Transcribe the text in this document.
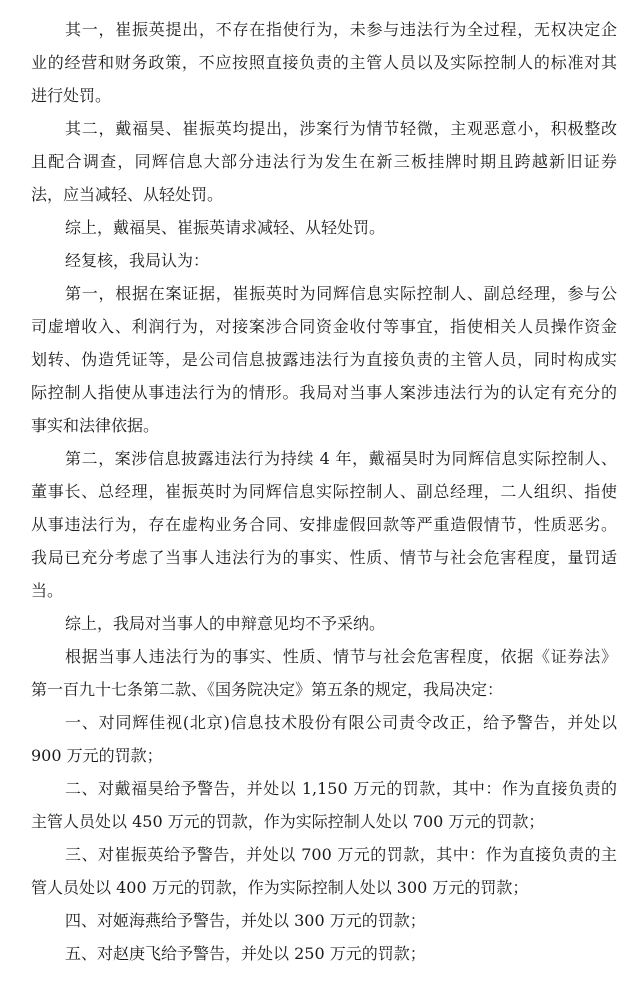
其一，崔振英提出，不存在指使行为，未参与违法行为全过程，无权决定企
业的经营和财务政策，不应按照直接负责的主管人员以及实际控制人的标准对其
进行处罚。
其二，戴福昊、崔振英均提出，涉案行为情节轻微，主观恶意小，积极整改
且配合调查，同辉信息大部分违法行为发生在新三板挂牌时期且跨越新旧证券
法，应当减轻、从轻处罚。
综上，戴福昊、崔振英请求减轻、从轻处罚。
经复核，我局认为：
第一，根据在案证据，崔振英时为同辉信息实际控制人、副总经理，参与公
司虚增收入、利润行为，对接案涉合同资金收付等事宜，指使相关人员操作资金
划转、伪造凭证等，是公司信息披露违法行为直接负责的主管人员，同时构成实
际控制人指使从事违法行为的情形。我局对当事人案涉违法行为的认定有充分的
事实和法律依据。
第二，案涉信息披露违法行为持续 4 年，戴福昊时为同辉信息实际控制人、
董事长、总经理，崔振英时为同辉信息实际控制人、副总经理，二人组织、指使
从事违法行为，存在虚构业务合同、安排虚假回款等严重造假情节，性质恶劣。
我局已充分考虑了当事人违法行为的事实、性质、情节与社会危害程度，量罚适
当。
综上，我局对当事人的申辩意见均不予采纳。
根据当事人违法行为的事实、性质、情节与社会危害程度，依据《证券法》
第一百九十七条第二款、《国务院决定》第五条的规定，我局决定：
一、对同辉佳视(北京)信息技术股份有限公司责令改正，给予警告，并处以
900 万元的罚款；
二、对戴福昊给予警告，并处以 1,150 万元的罚款，其中：作为直接负责的
主管人员处以 450 万元的罚款，作为实际控制人处以 700 万元的罚款；
三、对崔振英给予警告，并处以 700 万元的罚款，其中：作为直接负责的主
管人员处以 400 万元的罚款，作为实际控制人处以 300 万元的罚款；
四、对姬海燕给予警告，并处以 300 万元的罚款；
五、对赵庚飞给予警告，并处以 250 万元的罚款；
